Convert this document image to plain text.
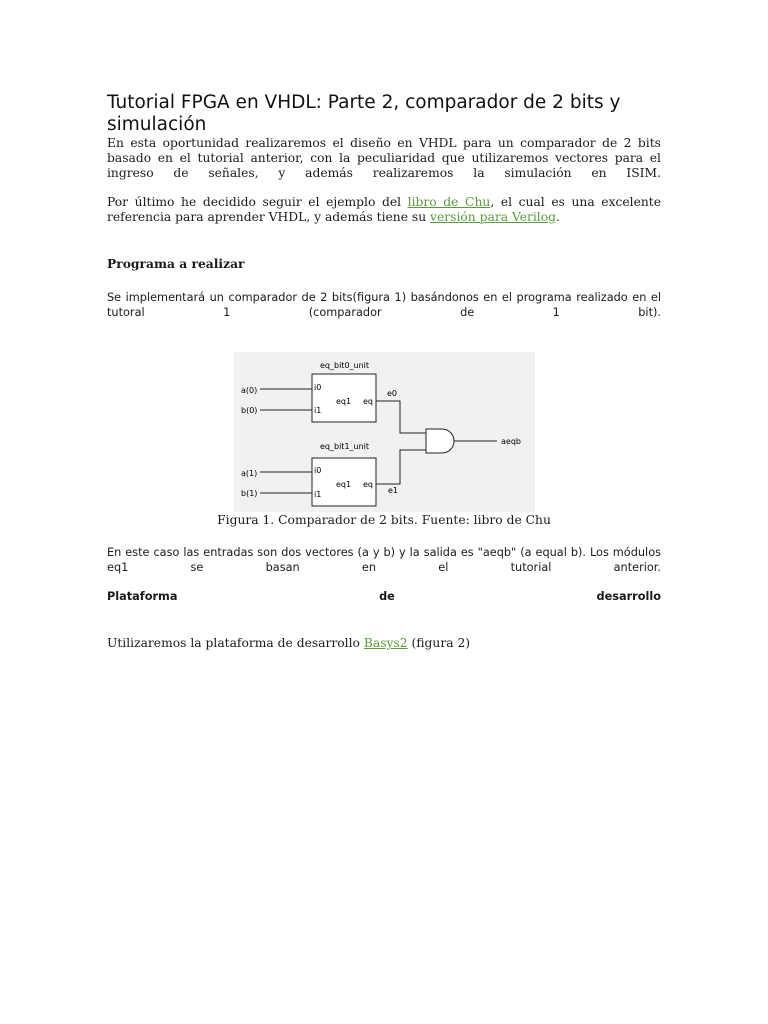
Tutorial FPGA en VHDL: Parte 2, comparador de 2 bits y simulación

En esta oportunidad realizaremos el diseño en VHDL para un comparador de 2 bits basado en el tutorial anterior, con la peculiaridad que utilizaremos vectores para el ingreso de señales, y además realizaremos la simulación en ISIM.

Por último he decidido seguir el ejemplo del libro de Chu, el cual es una excelente referencia para aprender VHDL, y además tiene su versión para Verilog.

Programa a realizar

Se implementará un comparador de 2 bits(figura 1) basándonos en el programa realizado en el tutoral 1 (comparador de 1 bit).

eq_bit0_unit
i0
i1
eq1 eq
a(0)
b(0)
e0
eq_bit1_unit
i0
i1
eq1 eq
a(1)
b(1)	e1
aeqb
Figura 1. Comparador de 2 bits. Fuente: libro de Chu

En este caso las entradas son dos vectores (a y b) y la salida es "aeqb" (a equal b). Los módulos eq1 se basan en el tutorial anterior.

Plataforma de desarrollo

Utilizaremos la plataforma de desarrollo Basys2 (figura 2)
